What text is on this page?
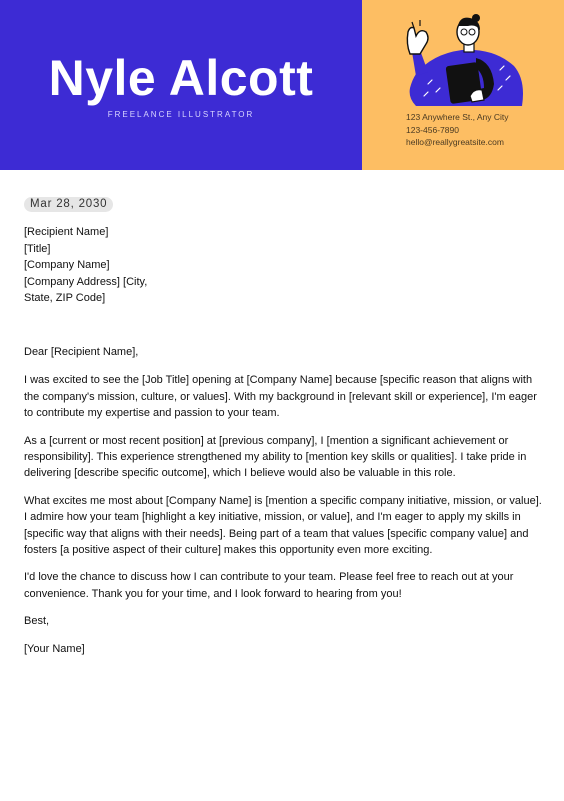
Nyle Alcott
FREELANCE ILLUSTRATOR	123 Anywhere St., Any City
123-456-7890
hello@reallygreatsite.com
Mar 28, 2030
[Recipient Name]
[Title]
[Company Name]
[Company Address] [City,
State, ZIP Code]

Dear [Recipient Name],

I was excited to see the [Job Title] opening at [Company Name] because [specific reason that aligns with the company's mission, culture, or values]. With my background in [relevant skill or experience], I'm eager to contribute my expertise and passion to your team.

As a [current or most recent position] at [previous company], I [mention a significant achievement or responsibility]. This experience strengthened my ability to [mention key skills or qualities]. I take pride in delivering [describe specific outcome], which I believe would also be valuable in this role.

What excites me most about [Company Name] is [mention a specific company initiative, mission, or value]. I admire how your team [highlight a key initiative, mission, or value], and I'm eager to apply my skills in [specific way that aligns with their needs]. Being part of a team that values [specific company value] and fosters [a positive aspect of their culture] makes this opportunity even more exciting.

I'd love the chance to discuss how I can contribute to your team. Please feel free to reach out at your convenience. Thank you for your time, and I look forward to hearing from you!

Best,

[Your Name]
